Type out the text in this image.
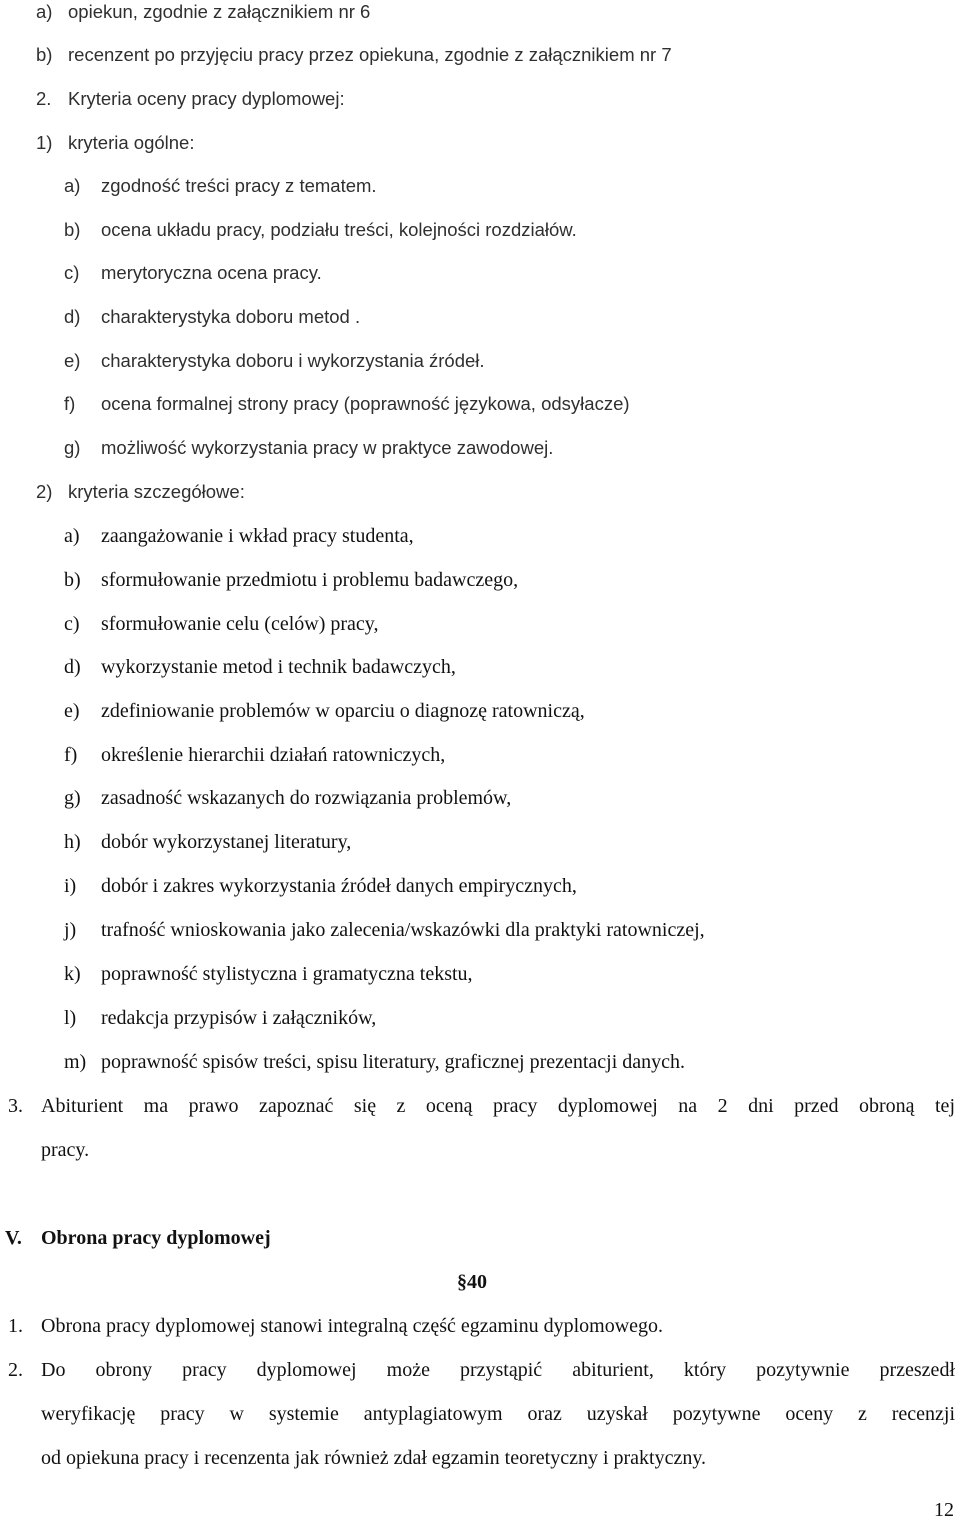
a) opiekun, zgodnie z załącznikiem nr 6
b) recenzent po przyjęciu pracy przez opiekuna, zgodnie z załącznikiem nr 7
2. Kryteria oceny pracy dyplomowej:
1) kryteria ogólne:
a) zgodność treści pracy z tematem.
b) ocena układu pracy, podziału treści, kolejności rozdziałów.
c) merytoryczna ocena pracy.
d) charakterystyka doboru metod .
e) charakterystyka doboru i wykorzystania źródeł.
f) ocena formalnej strony pracy (poprawność językowa, odsyłacze)
g) możliwość wykorzystania pracy w praktyce zawodowej.
2) kryteria szczegółowe:
a) zaangażowanie i wkład pracy studenta,
b) sformułowanie przedmiotu i problemu badawczego,
c) sformułowanie celu (celów) pracy,
d) wykorzystanie metod i technik badawczych,
e) zdefiniowanie problemów w oparciu o diagnozę ratowniczą,
f) określenie hierarchii działań ratowniczych,
g) zasadność wskazanych do rozwiązania problemów,
h) dobór wykorzystanej literatury,
i) dobór i zakres wykorzystania źródeł danych empirycznych,
j) trafność wnioskowania jako zalecenia/wskazówki dla praktyki ratowniczej,
k) poprawność stylistyczna i gramatyczna tekstu,
l) redakcja przypisów i załączników,
m) poprawność spisów treści, spisu literatury, graficznej prezentacji danych.
3. Abiturient ma prawo zapoznać się z oceną pracy dyplomowej na 2 dni przed obroną tej
pracy.
V. Obrona pracy dyplomowej
§40
1. Obrona pracy dyplomowej stanowi integralną część egzaminu dyplomowego.
2. Do obrony pracy dyplomowej może przystąpić abiturient, który pozytywnie przeszedł
weryfikację pracy w systemie antyplagiatowym oraz uzyskał pozytywne oceny z recenzji
od opiekuna pracy i recenzenta jak również zdał egzamin teoretyczny i praktyczny.
12
